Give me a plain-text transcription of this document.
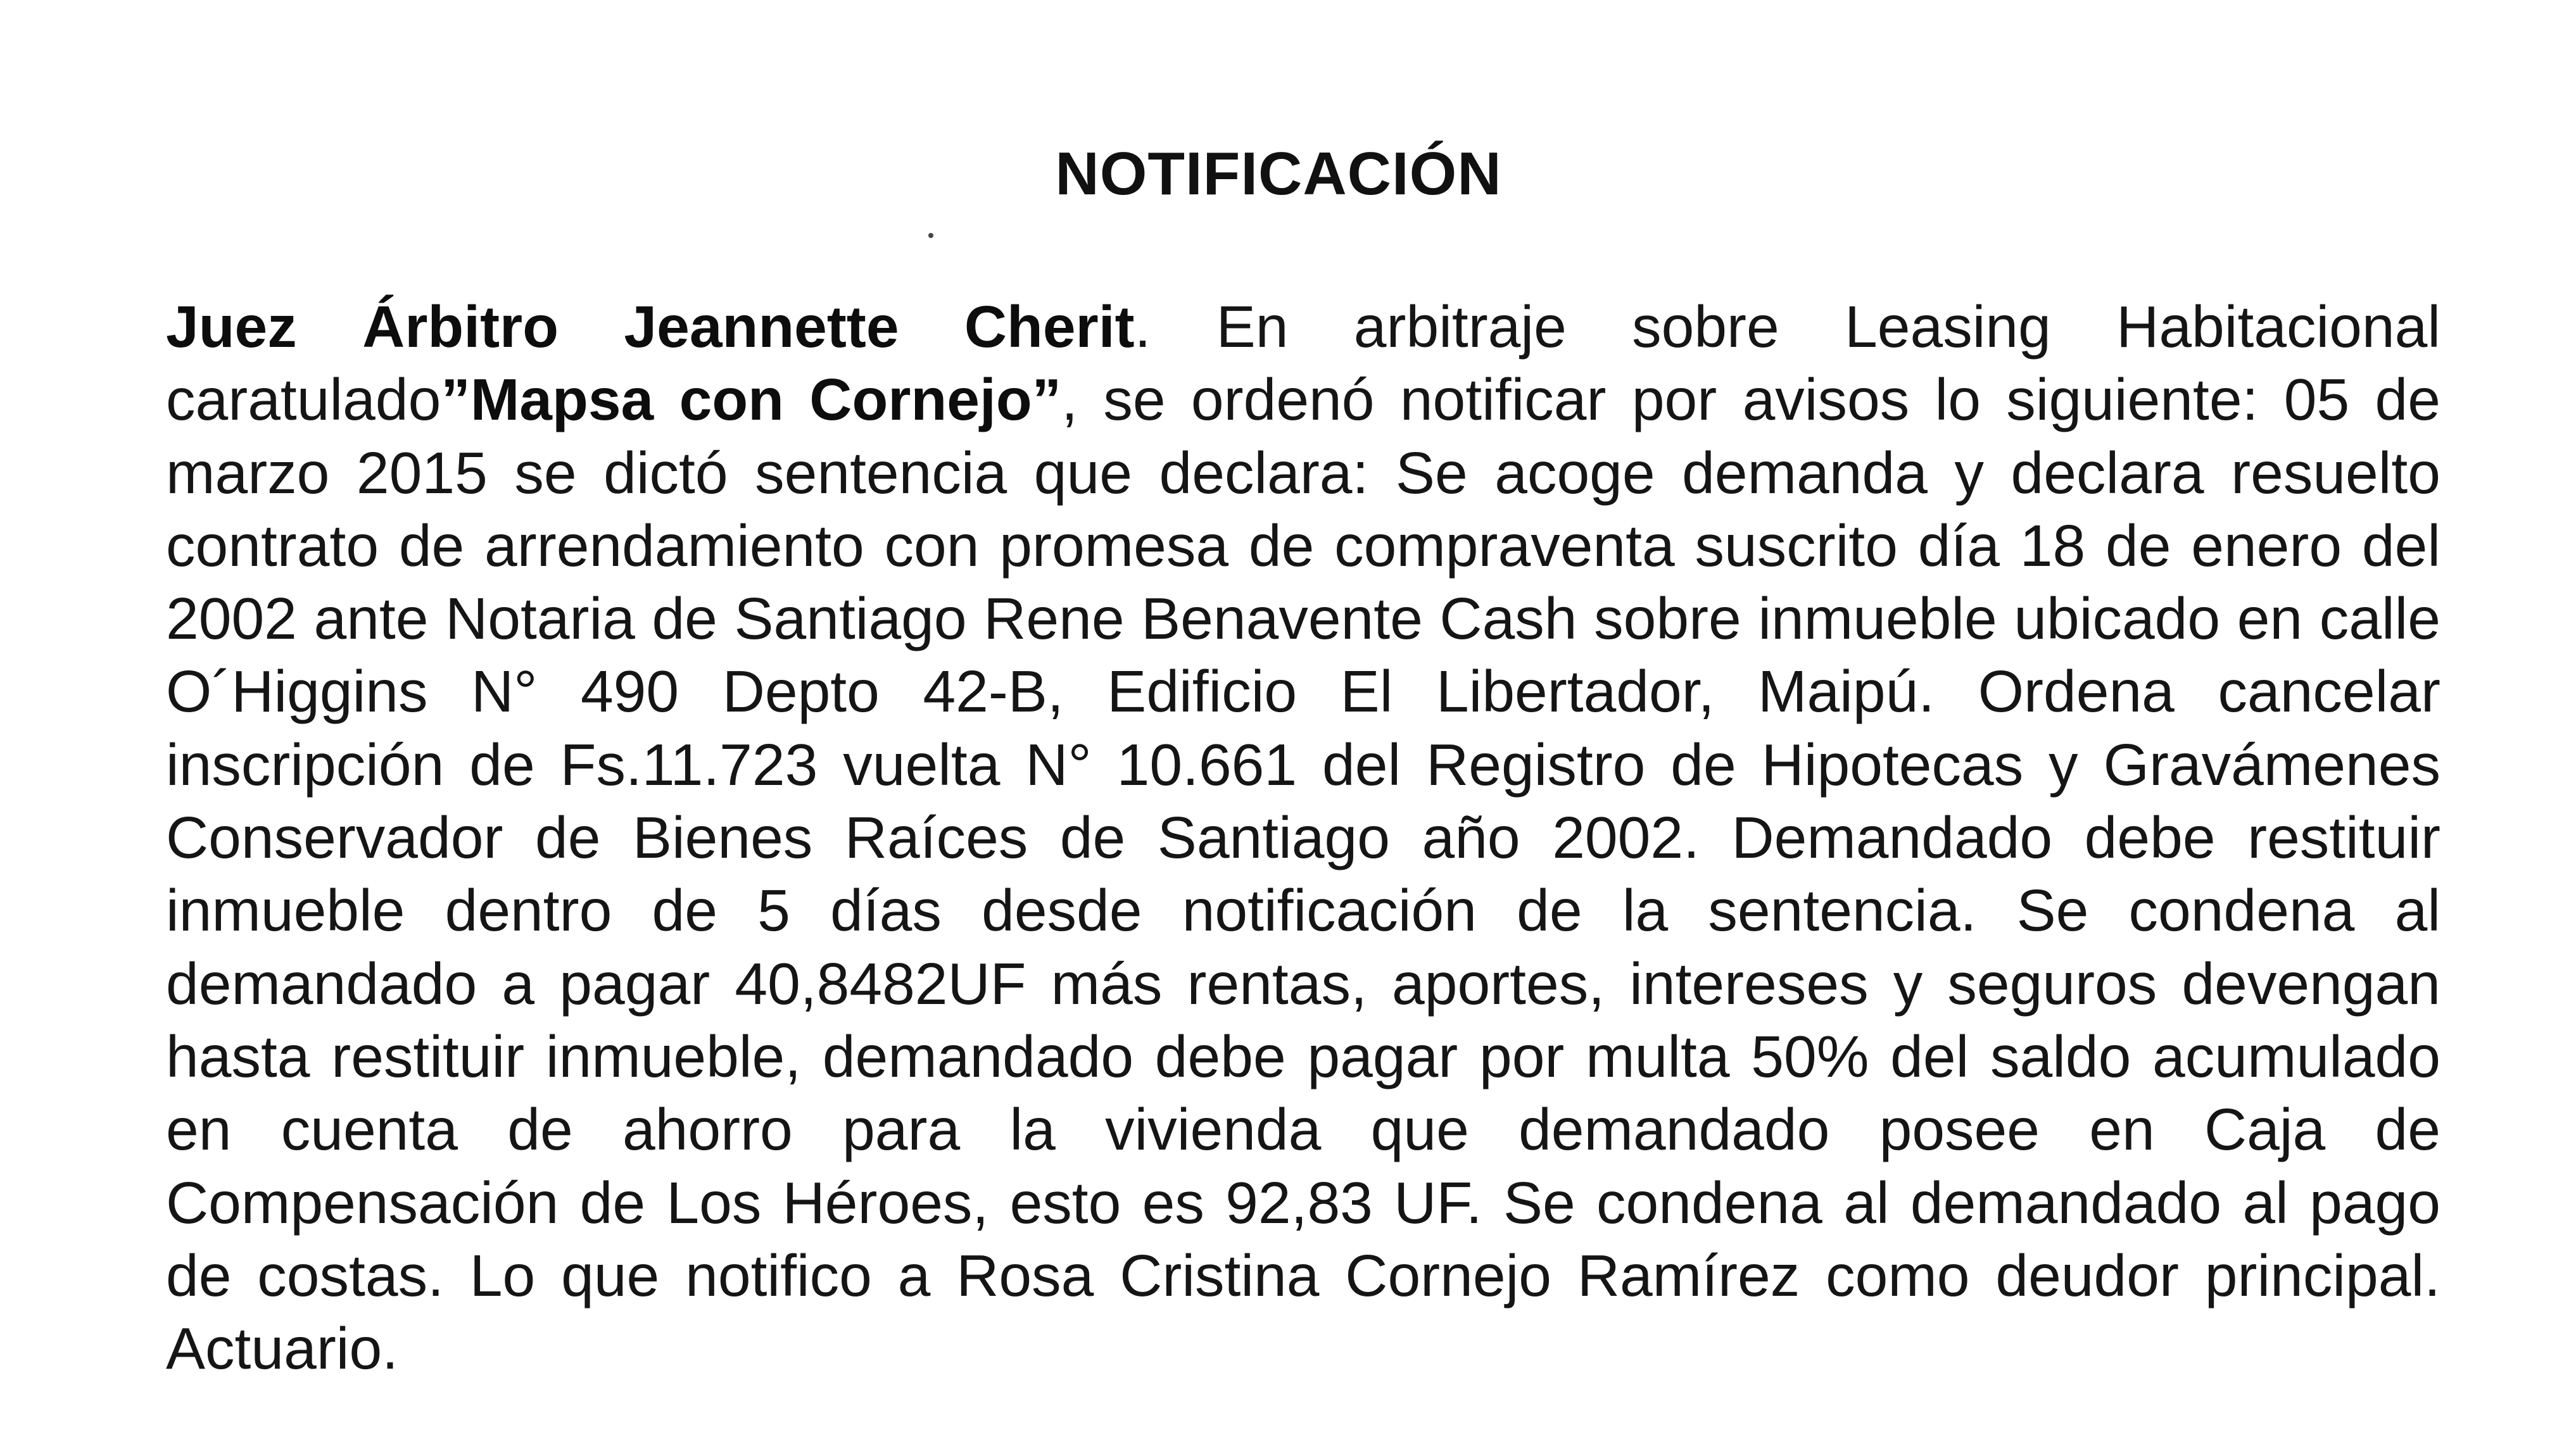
NOTIFICACIÓN
Juez Árbitro Jeannette Cherit. En arbitraje sobre Leasing Habitacional caratulado”Mapsa con Cornejo”, se ordenó notificar por avisos lo siguiente: 05 de marzo 2015 se dictó sentencia que declara: Se acoge demanda y declara resuelto contrato de arrendamiento con promesa de compraventa suscrito día 18 de enero del 2002 ante Notaria de Santiago Rene Benavente Cash sobre inmueble ubicado en calle O´Higgins N° 490 Depto 42-B, Edificio El Libertador, Maipú. Ordena cancelar inscripción de Fs.11.723 vuelta N° 10.661 del Registro de Hipotecas y Gravámenes Conservador de Bienes Raíces de Santiago año 2002. Demandado debe restituir inmueble dentro de 5 días desde notificación de la sentencia. Se condena al demandado a pagar 40,8482UF más rentas, aportes, intereses y seguros devengan hasta restituir inmueble, demandado debe pagar por multa 50% del saldo acumulado en cuenta de ahorro para la vivienda que demandado posee en Caja de Compensación de Los Héroes, esto es 92,83 UF. Se condena al demandado al pago de costas. Lo que notifico a Rosa Cristina Cornejo Ramírez como deudor principal. Actuario.
